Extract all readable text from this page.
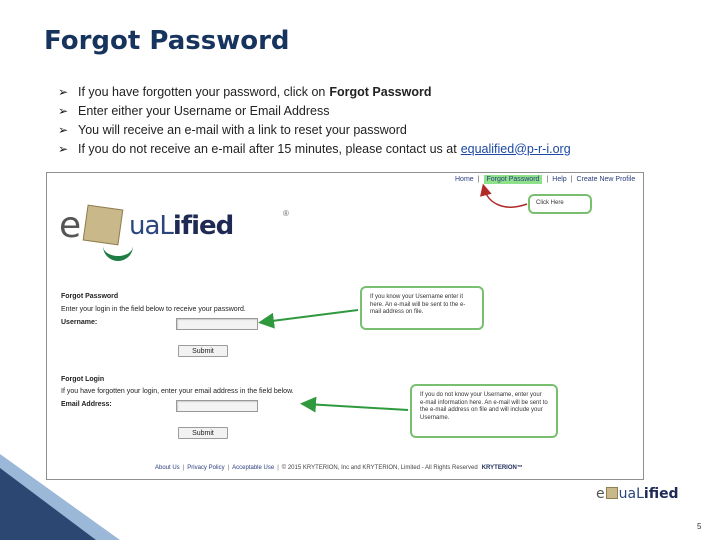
Forgot Password
➢ If you have forgotten your password, click on Forgot Password
➢ Enter either your Username or Email Address
➢ You will receive an e-mail with a link to reset your password
➢ If you do not receive an e-mail after 15 minutes, please contact us at equalified@p-r-i.org
Home |	Forgot Password	| Help | Create New Profile
e uaLified	®
Forgot Password
Enter your login in the field below to receive your password.
Username:
Submit
Forgot Login
If you have forgotten your login, enter your email address in the field below.
Email Address:
Submit
About Us | Privacy Policy | Acceptable Use | © 2015 KRYTERION, Inc and KRYTERION, Limited - All Rights Reserved KRYTERION™
Click Here
If you know your Username enter it here. An e-mail will be sent to the e-mail address on file.
If you do not know your Username, enter your e-mail information here. An e-mail will be sent to the e-mail address on file and will include your Username.
e uaLified
5
